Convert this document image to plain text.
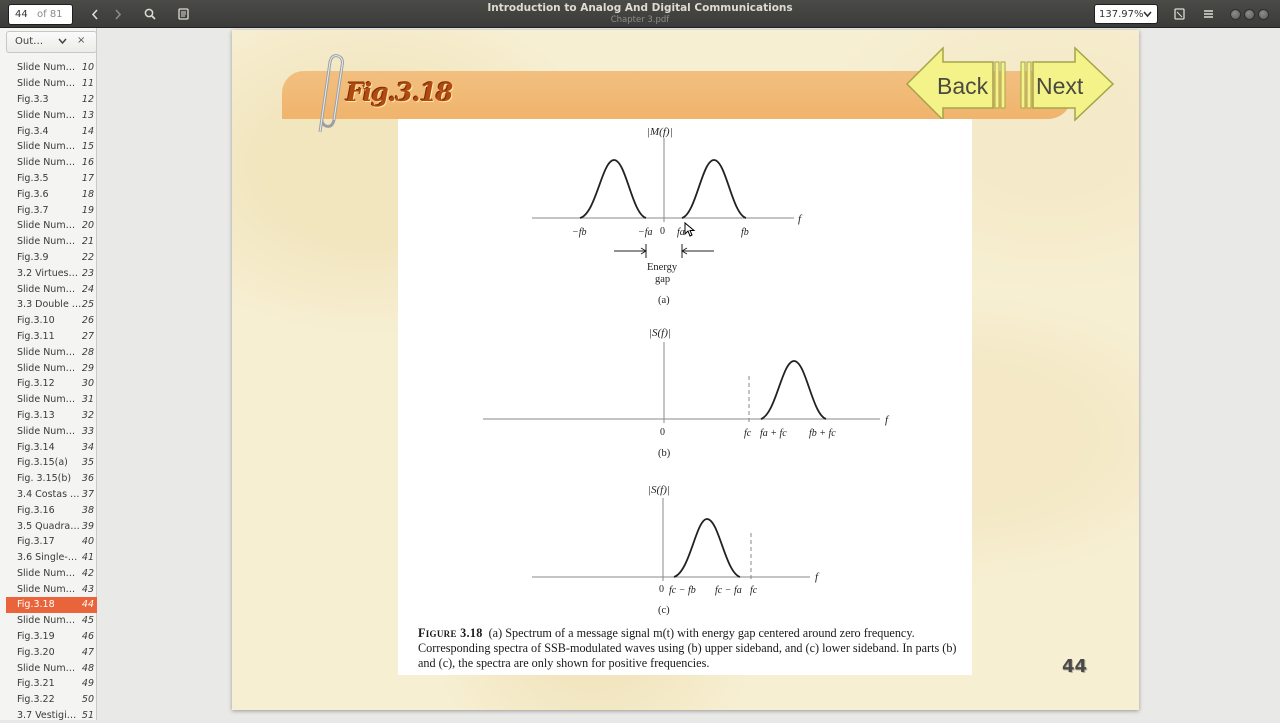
44
of 81
Introduction to Analog And Digital Communications
Chapter 3.pdf
137.97%
Out…	×
Slide Num… 10
Slide Num… 11
Fig.3.3	12
Slide Num… 13
Fig.3.4	14
Slide Num… 15
Slide Num… 16
Fig.3.5	17
Fig.3.6	18
Fig.3.7	19
Slide Num… 20
Slide Num… 21
Fig.3.9	22
3.2 Virtues… 23
Slide Num… 24
3.3 Double … 25
Fig.3.10	26
Fig.3.11	27
Slide Num… 28
Slide Num… 29
Fig.3.12	30
Slide Num… 31
Fig.3.13	32
Slide Num… 33
Fig.3.14	34
Fig.3.15(a)	35
Fig. 3.15(b)	36
3.4 Costas … 37
Fig.3.16	38
3.5 Quadra… 39
Fig.3.17	40
3.6 Single-… 41
Slide Num… 42
Slide Num… 43
Fig.3.18	44
Slide Num… 45
Fig.3.19	46
Fig.3.20	47
Slide Num… 48
Fig.3.21	49
Fig.3.22	50
3.7 Vestigi… 51
Fig.3.18	Back Next
|M(f)|
f
−fb	−fa 0 fa	fb
Energy
gap
(a)
|S(f)|
f
0	fc fa + fc fb + fc
(b)
|S(f)|
f
0 fc − fb fc − fa fc
(c)
Figure 3.18 (a) Spectrum of a message signal m(t) with energy gap centered around zero frequency. Corresponding spectra of SSB-modulated waves using (b) upper sideband, and (c) lower sideband. In parts (b) and (c), the spectra are only shown for positive frequencies.	44
